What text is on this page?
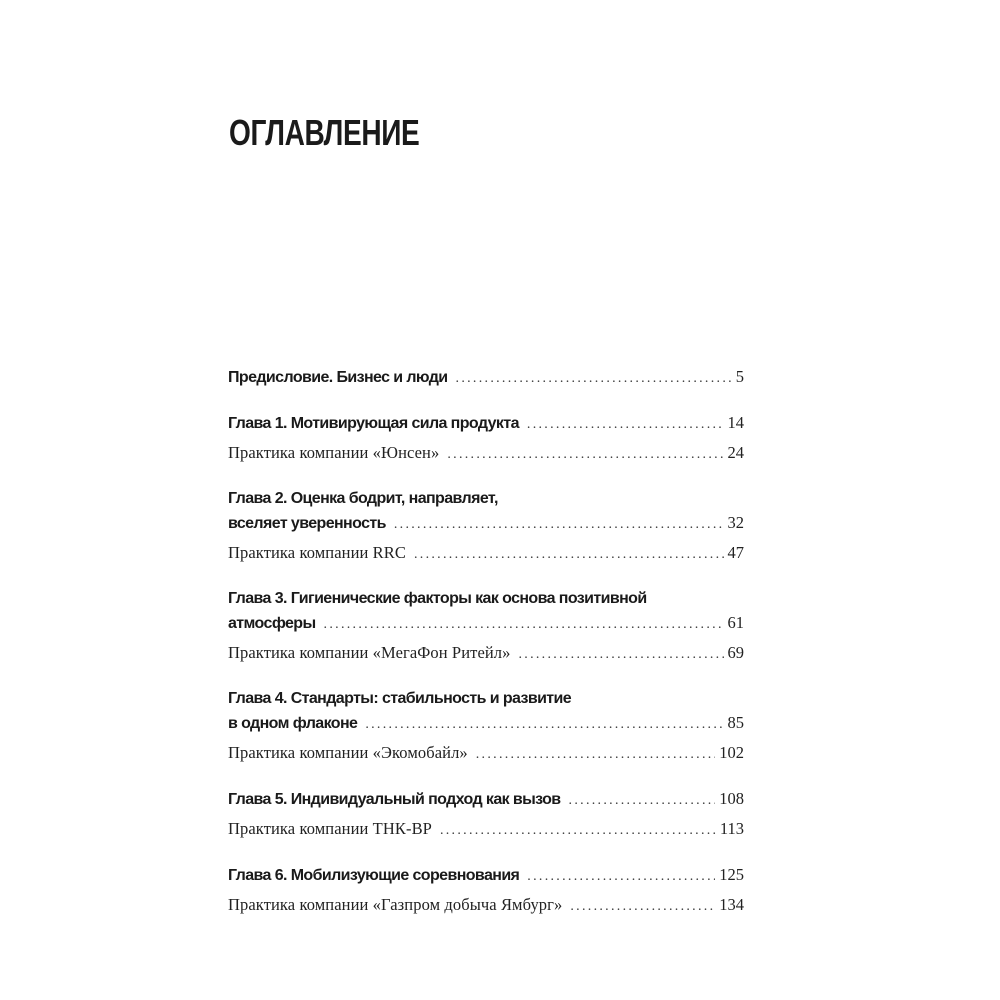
ОГЛАВЛЕНИЕ
Предисловие. Бизнес и люди . . .	5
Глава 1. Мотивирующая сила продукта . . .	14
Практика компании «Юнсен» . . .	24
Глава 2. Оценка бодрит, направляет,
вселяет уверенность . . .	32
Практика компании RRC . . .	47
Глава 3. Гигиенические факторы как основа позитивной
атмосферы . . .	61
Практика компании «МегаФон Ритейл» . . .	69
Глава 4. Стандарты: стабильность и развитие
в одном флаконе . . .	85
Практика компании «Экомобайл» . . .	102
Глава 5. Индивидуальный подход как вызов . . .	108
Практика компании ТНК-BP . . .	113
Глава 6. Мобилизующие соревнования . . .	125
Практика компании «Газпром добыча Ямбург» . . .	134
